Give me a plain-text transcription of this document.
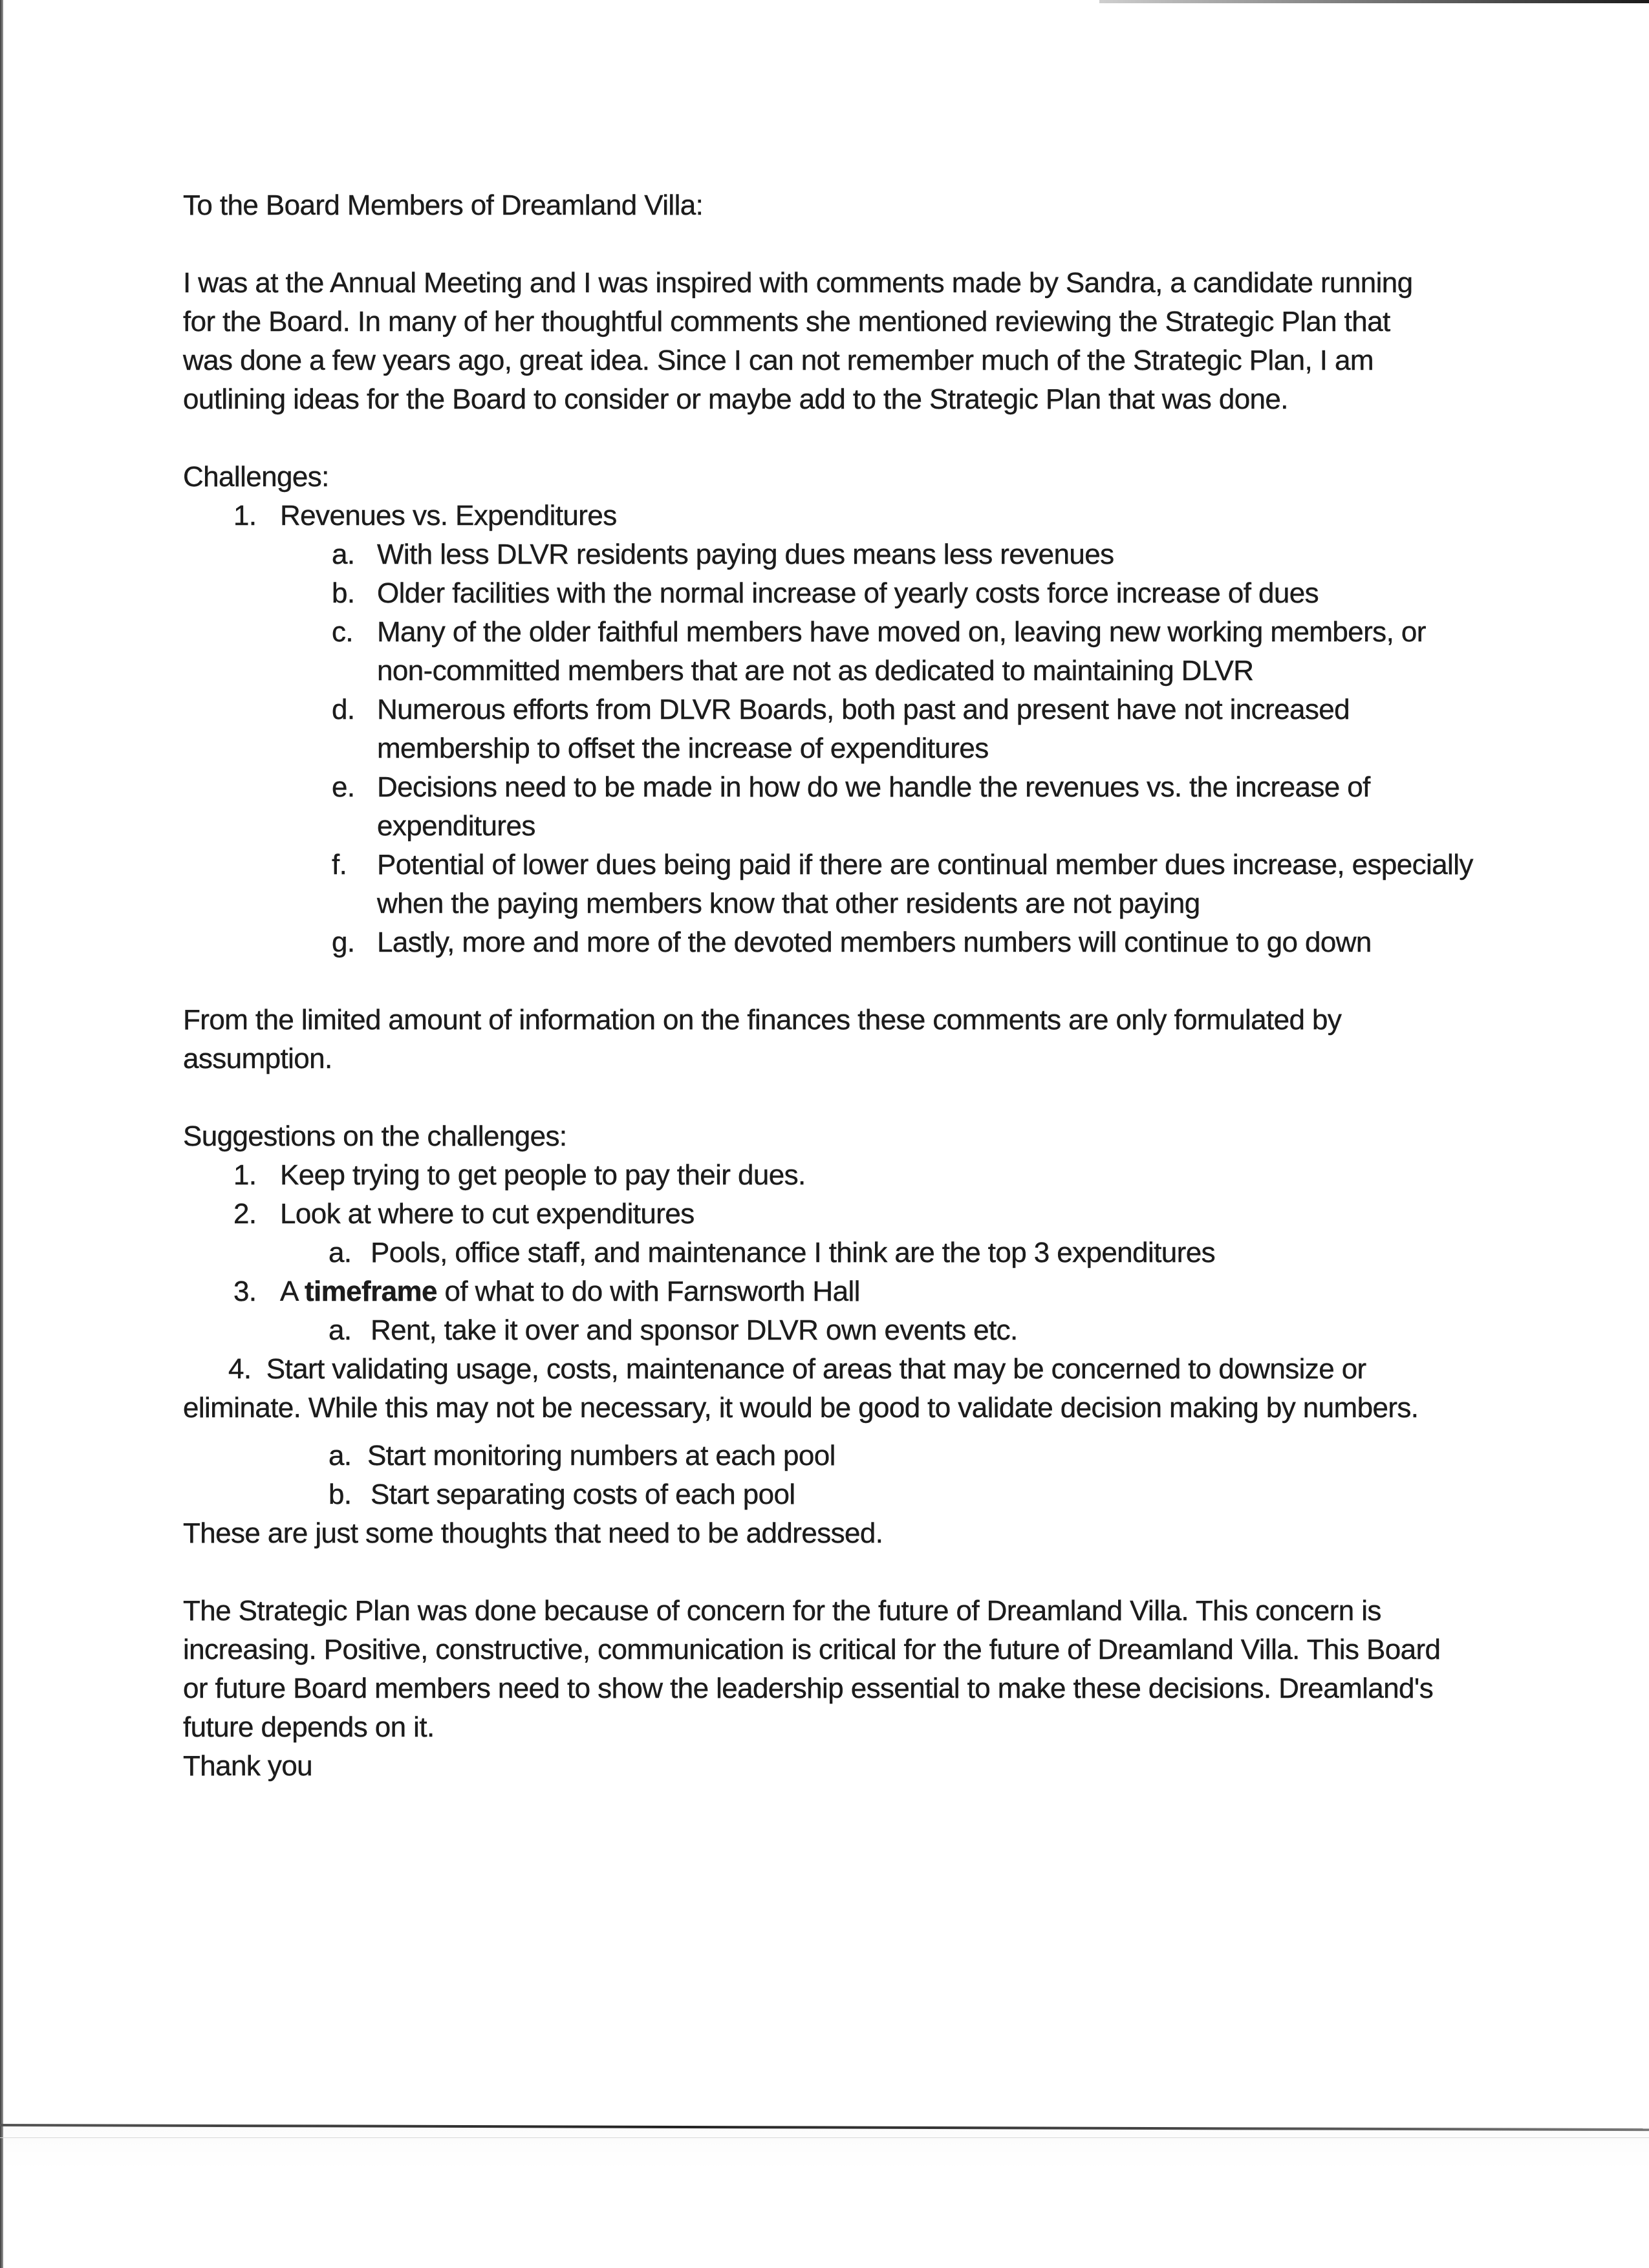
To the Board Members of Dreamland Villa:

I was at the Annual Meeting and I was inspired with comments made by Sandra, a candidate running for the Board. In many of her thoughtful comments she mentioned reviewing the Strategic Plan that was done a few years ago, great idea. Since I can not remember much of the Strategic Plan, I am outlining ideas for the Board to consider or maybe add to the Strategic Plan that was done.

Challenges:

1. Revenues vs. Expenditures
a. With less DLVR residents paying dues means less revenues
b. Older facilities with the normal increase of yearly costs force increase of dues
c. Many of the older faithful members have moved on, leaving new working members, or non-committed members that are not as dedicated to maintaining DLVR
d. Numerous efforts from DLVR Boards, both past and present have not increased membership to offset the increase of expenditures
e. Decisions need to be made in how do we handle the revenues vs. the increase of expenditures
f. Potential of lower dues being paid if there are continual member dues increase, especially when the paying members know that other residents are not paying
g. Lastly, more and more of the devoted members numbers will continue to go down

From the limited amount of information on the finances these comments are only formulated by assumption.

Suggestions on the challenges:

1. Keep trying to get people to pay their dues.
2. Look at where to cut expenditures
a. Pools, office staff, and maintenance I think are the top 3 expenditures
3. A timeframe of what to do with Farnsworth Hall
a. Rent, take it over and sponsor DLVR own events etc.
4. Start validating usage, costs, maintenance of areas that may be concerned to downsize or eliminate. While this may not be necessary, it would be good to validate decision making by numbers.
a. Start monitoring numbers at each pool
b. Start separating costs of each pool

These are just some thoughts that need to be addressed.

The Strategic Plan was done because of concern for the future of Dreamland Villa. This concern is increasing. Positive, constructive, communication is critical for the future of Dreamland Villa. This Board or future Board members need to show the leadership essential to make these decisions. Dreamland's future depends on it.

Thank you
